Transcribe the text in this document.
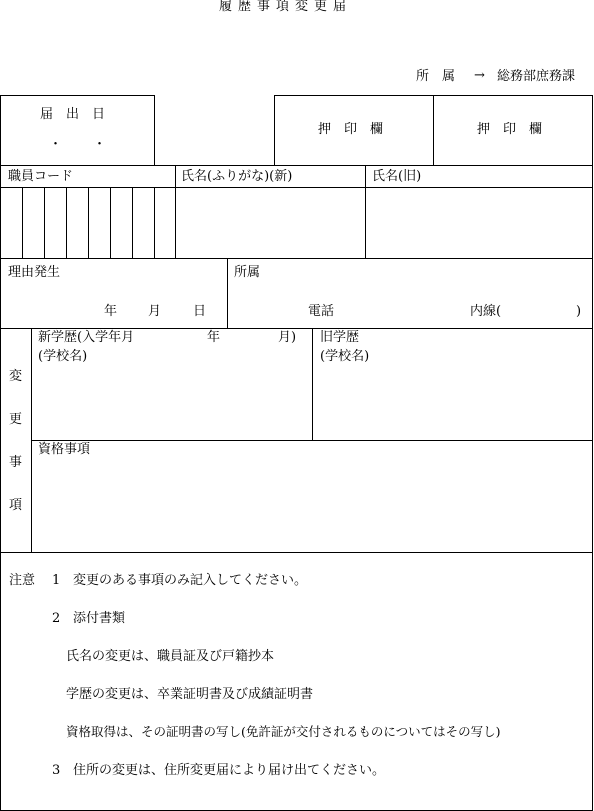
履歴事項変更届
所　属 → 総務部庶務課
届　出　日
・ ・
押　印　欄	押　印　欄
職員コード	氏名(ふりがな)(新)	氏名(旧)
理由発生
年 月 日
所属
電話	内線(	)
変
更
事
項
新学歴(入学年月	年	月)
(学校名)
旧学歴
(学校名)
資格事項
注意 1 変更のある事項のみ記入してください。
2 添付書類
氏名の変更は、職員証及び戸籍抄本
学歴の変更は、卒業証明書及び成績証明書
資格取得は、その証明書の写し(免許証が交付されるものについてはその写し)
3 住所の変更は、住所変更届により届け出てください。
